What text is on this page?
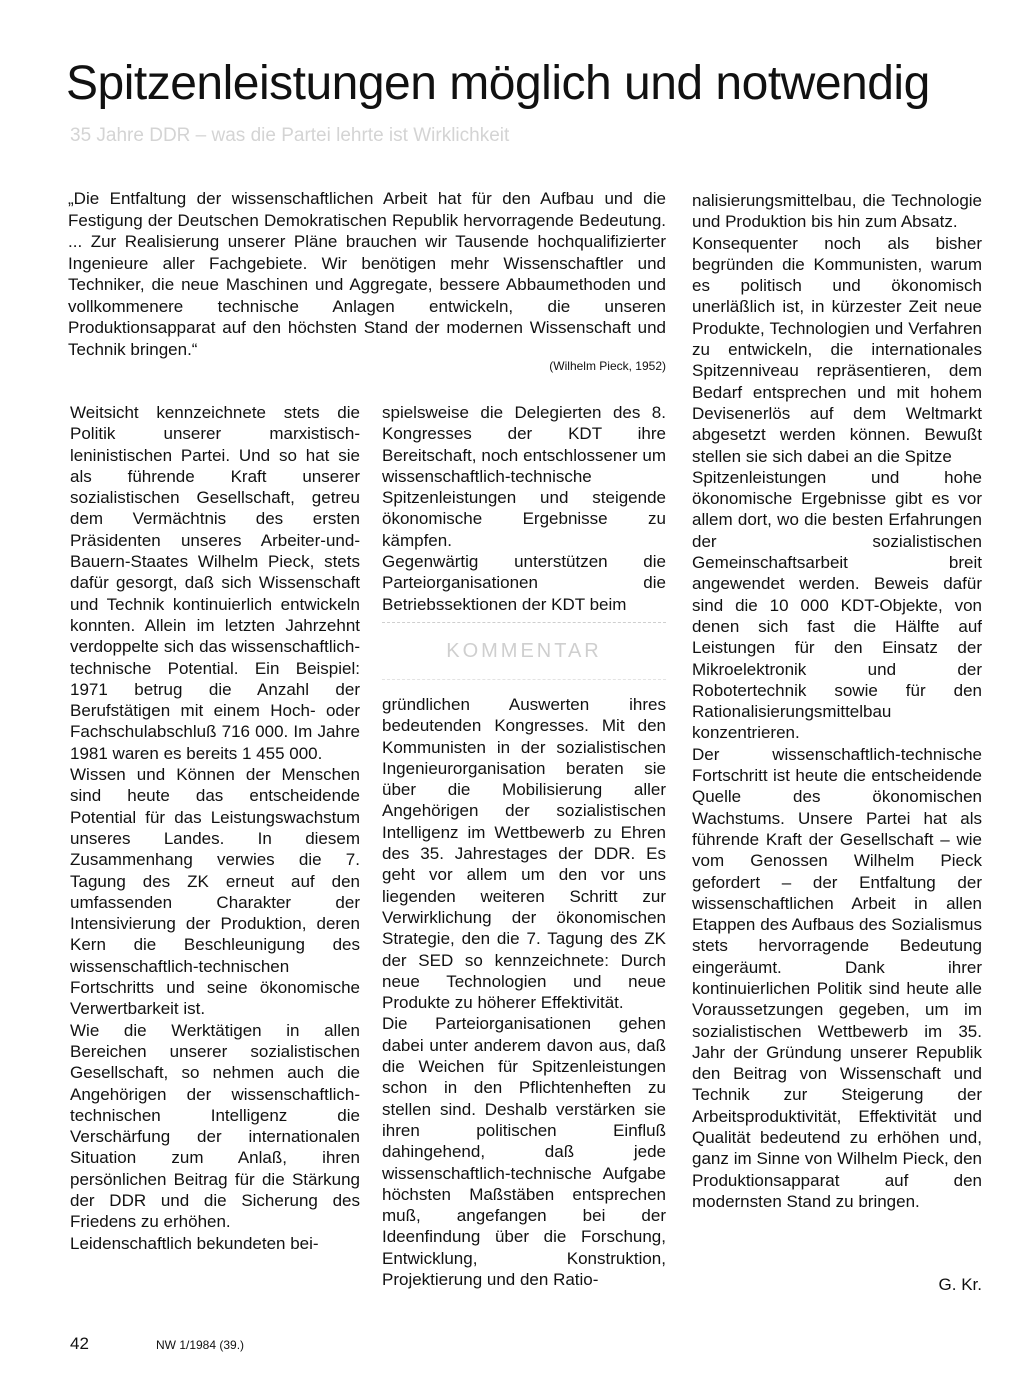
Spitzenleistungen möglich und notwendig
35 Jahre DDR – was die Partei lehrte ist Wirklichkeit

„Die Entfaltung der wissenschaftlichen Arbeit hat für den Aufbau und die Festigung der Deutschen Demokratischen Republik hervorragende Bedeutung. ... Zur Realisierung unserer Pläne brauchen wir Tausende hochqualifizierter Ingenieure aller Fachgebiete. Wir benötigen mehr Wissenschaftler und Techniker, die neue Maschinen und Aggregate, bessere Abbaumethoden und vollkommenere technische Anlagen entwickeln, die unseren Produktionsapparat auf den höchsten Stand der modernen Wissenschaft und Technik bringen.“

(Wilhelm Pieck, 1952)

Weitsicht kennzeichnete stets die Politik unserer marxistisch-leninistischen Partei. Und so hat sie als führende Kraft unserer sozialistischen Gesellschaft, getreu dem Vermächtnis des ersten Präsidenten unseres Arbeiter-und-Bauern-Staates Wilhelm Pieck, stets dafür gesorgt, daß sich Wissenschaft und Technik kontinuierlich entwickeln konnten. Allein im letzten Jahrzehnt verdoppelte sich das wissenschaftlich-technische Potential. Ein Beispiel: 1971 betrug die Anzahl der Berufstätigen mit einem Hoch- oder Fachschulabschluß 716 000. Im Jahre 1981 waren es bereits 1 455 000.

Wissen und Können der Menschen sind heute das entscheidende Potential für das Leistungswachstum unseres Landes. In diesem Zusammenhang verwies die 7. Tagung des ZK erneut auf den umfassenden Charakter der Intensivierung der Produktion, deren Kern die Beschleunigung des wissenschaftlich-technischen Fortschritts und seine ökonomische Verwertbarkeit ist.

Wie die Werktätigen in allen Bereichen unserer sozialistischen Gesellschaft, so nehmen auch die Angehörigen der wissenschaftlich-technischen Intelligenz die Verschärfung der internationalen Situation zum Anlaß, ihren persönlichen Beitrag für die Stärkung der DDR und die Sicherung des Friedens zu erhöhen.

Leidenschaftlich bekundeten bei-

spielsweise die Delegierten des 8. Kongresses der KDT ihre Bereitschaft, noch entschlossener um wissenschaftlich-technische Spitzenleistungen und steigende ökonomische Ergebnisse zu kämpfen.

Gegenwärtig unterstützen die Parteiorganisationen die Betriebssektionen der KDT beim

KOMMENTAR

gründlichen Auswerten ihres bedeutenden Kongresses. Mit den Kommunisten in der sozialistischen Ingenieurorganisation beraten sie über die Mobilisierung aller Angehörigen der sozialistischen Intelligenz im Wettbewerb zu Ehren des 35. Jahrestages der DDR. Es geht vor allem um den vor uns liegenden weiteren Schritt zur Verwirklichung der ökonomischen Strategie, den die 7. Tagung des ZK der SED so kennzeichnete: Durch neue Technologien und neue Produkte zu höherer Effektivität.

Die Parteiorganisationen gehen dabei unter anderem davon aus, daß die Weichen für Spitzenleistungen schon in den Pflichtenheften zu stellen sind. Deshalb verstärken sie ihren politischen Einfluß dahingehend, daß jede wissenschaftlich-technische Aufgabe höchsten Maßstäben entsprechen muß, angefangen bei der Ideenfindung über die Forschung, Entwicklung, Konstruktion, Projektierung und den Ratio-

nalisierungsmittelbau, die Technologie und Produktion bis hin zum Absatz.

Konsequenter noch als bisher begründen die Kommunisten, warum es politisch und ökonomisch unerläßlich ist, in kürzester Zeit neue Produkte, Technologien und Verfahren zu entwickeln, die internationales Spitzenniveau repräsentieren, dem Bedarf entsprechen und mit hohem Devisenerlös auf dem Weltmarkt abgesetzt werden können. Bewußt stellen sie sich dabei an die Spitze

Spitzenleistungen und hohe ökonomische Ergebnisse gibt es vor allem dort, wo die besten Erfahrungen der sozialistischen Gemeinschaftsarbeit breit angewendet werden. Beweis dafür sind die 10 000 KDT-Objekte, von denen sich fast die Hälfte auf Leistungen für den Einsatz der Mikroelektronik und der Robotertechnik sowie für den Rationalisierungsmittelbau konzentrieren.

Der wissenschaftlich-technische Fortschritt ist heute die entscheidende Quelle des ökonomischen Wachstums. Unsere Partei hat als führende Kraft der Gesellschaft – wie vom Genossen Wilhelm Pieck gefordert – der Entfaltung der wissenschaftlichen Arbeit in allen Etappen des Aufbaus des Sozialismus stets hervorragende Bedeutung eingeräumt. Dank ihrer kontinuierlichen Politik sind heute alle Voraussetzungen gegeben, um im sozialistischen Wettbewerb im 35. Jahr der Gründung unserer Republik den Beitrag von Wissenschaft und Technik zur Steigerung der Arbeitsproduktivität, Effektivität und Qualität bedeutend zu erhöhen und, ganz im Sinne von Wilhelm Pieck, den Produktionsapparat auf den modernsten Stand zu bringen.

G. Kr.
42	NW 1/1984 (39.)
